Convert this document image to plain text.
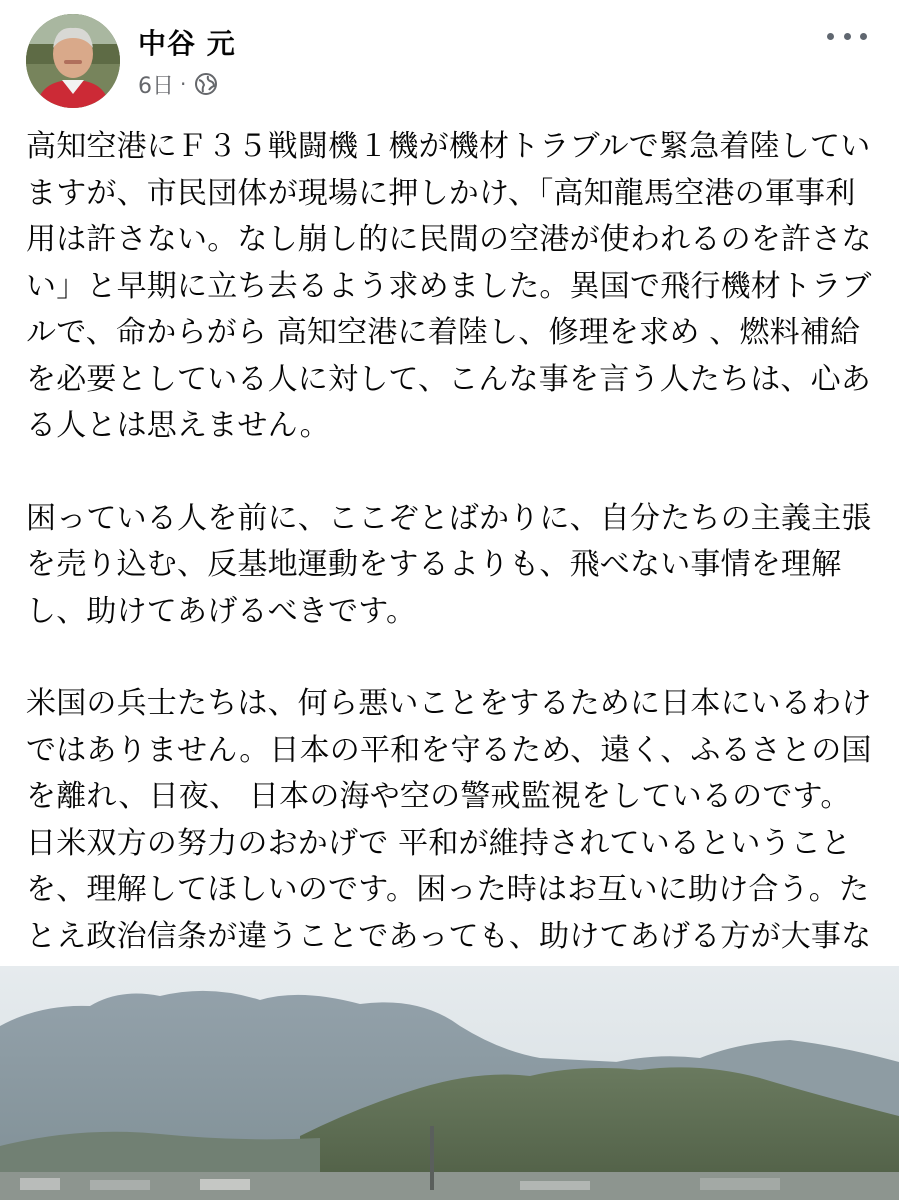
中谷 元
6日 ·

高知空港にＦ３５戦闘機１機が機材トラブルで緊急着陸していますが、市民団体が現場に押しかけ、「高知龍馬空港の軍事利用は許さない。なし崩し的に民間の空港が使われるのを許さない」と早期に立ち去るよう求めました。異国で飛行機材トラブルで、命からがら 高知空港に着陸し、修理を求め 、燃料補給を必要としている人に対して、こんな事を言う人たちは、心ある人とは思えません。

困っている人を前に、ここぞとばかりに、自分たちの主義主張を売り込む、反基地運動をするよりも、飛べない事情を理解し、助けてあげるべきです。

米国の兵士たちは、何ら悪いことをするために日本にいるわけではありません。日本の平和を守るため、遠く、ふるさとの国を離れ、日夜、 日本の海や空の警戒監視をしているのです。日米双方の努力のおかげで 平和が維持されているということを、理解してほしいのです。困った時はお互いに助け合う。たとえ政治信条が違うことであっても、助けてあげる方が大事な
